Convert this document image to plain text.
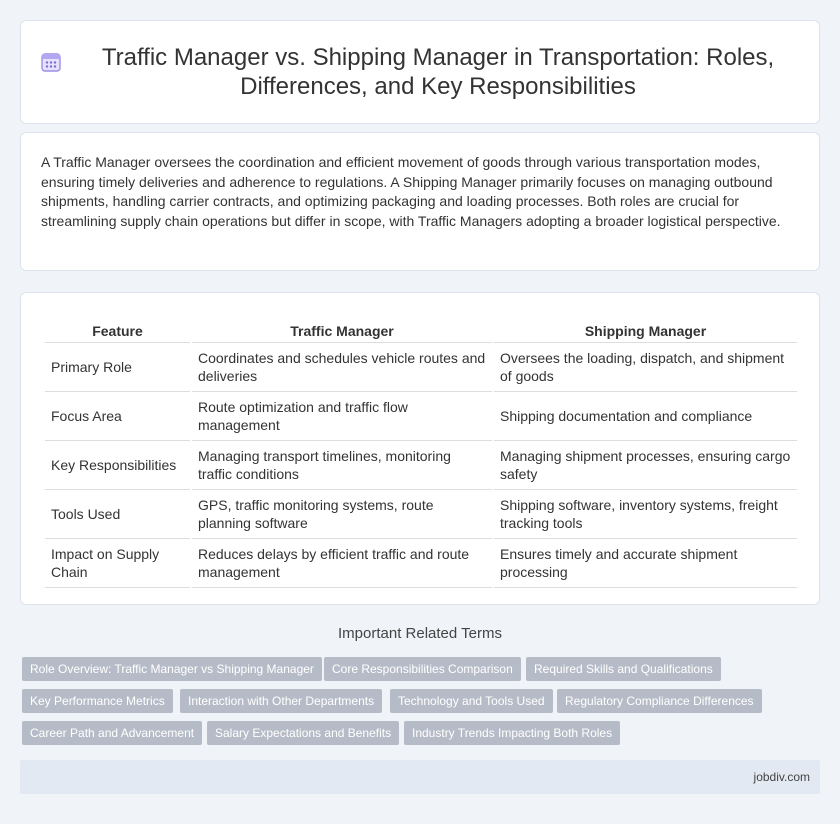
Traffic Manager vs. Shipping Manager in Transportation: Roles, Differences, and Key Responsibilities

A Traffic Manager oversees the coordination and efficient movement of goods through various transportation modes, ensuring timely deliveries and adherence to regulations. A Shipping Manager primarily focuses on managing outbound shipments, handling carrier contracts, and optimizing packaging and loading processes. Both roles are crucial for streamlining supply chain operations but differ in scope, with Traffic Managers adopting a broader logistical perspective.

Feature	Traffic Manager	Shipping Manager
Primary Role	Coordinates and schedules vehicle routes and deliveries	Oversees the loading, dispatch, and shipment of goods
Focus Area	Route optimization and traffic flow management	Shipping documentation and compliance
Key Responsibilities	Managing transport timelines, monitoring traffic conditions	Managing shipment processes, ensuring cargo safety
Tools Used	GPS, traffic monitoring systems, route planning software	Shipping software, inventory systems, freight tracking tools
Impact on Supply Chain	Reduces delays by efficient traffic and route management	Ensures timely and accurate shipment processing
Important Related Terms
Role Overview: Traffic Manager vs Shipping Manager	Core Responsibilities Comparison	Required Skills and Qualifications
Key Performance Metrics	Interaction with Other Departments	Technology and Tools Used	Regulatory Compliance Differences
Career Path and Advancement	Salary Expectations and Benefits	Industry Trends Impacting Both Roles
jobdiv.com
